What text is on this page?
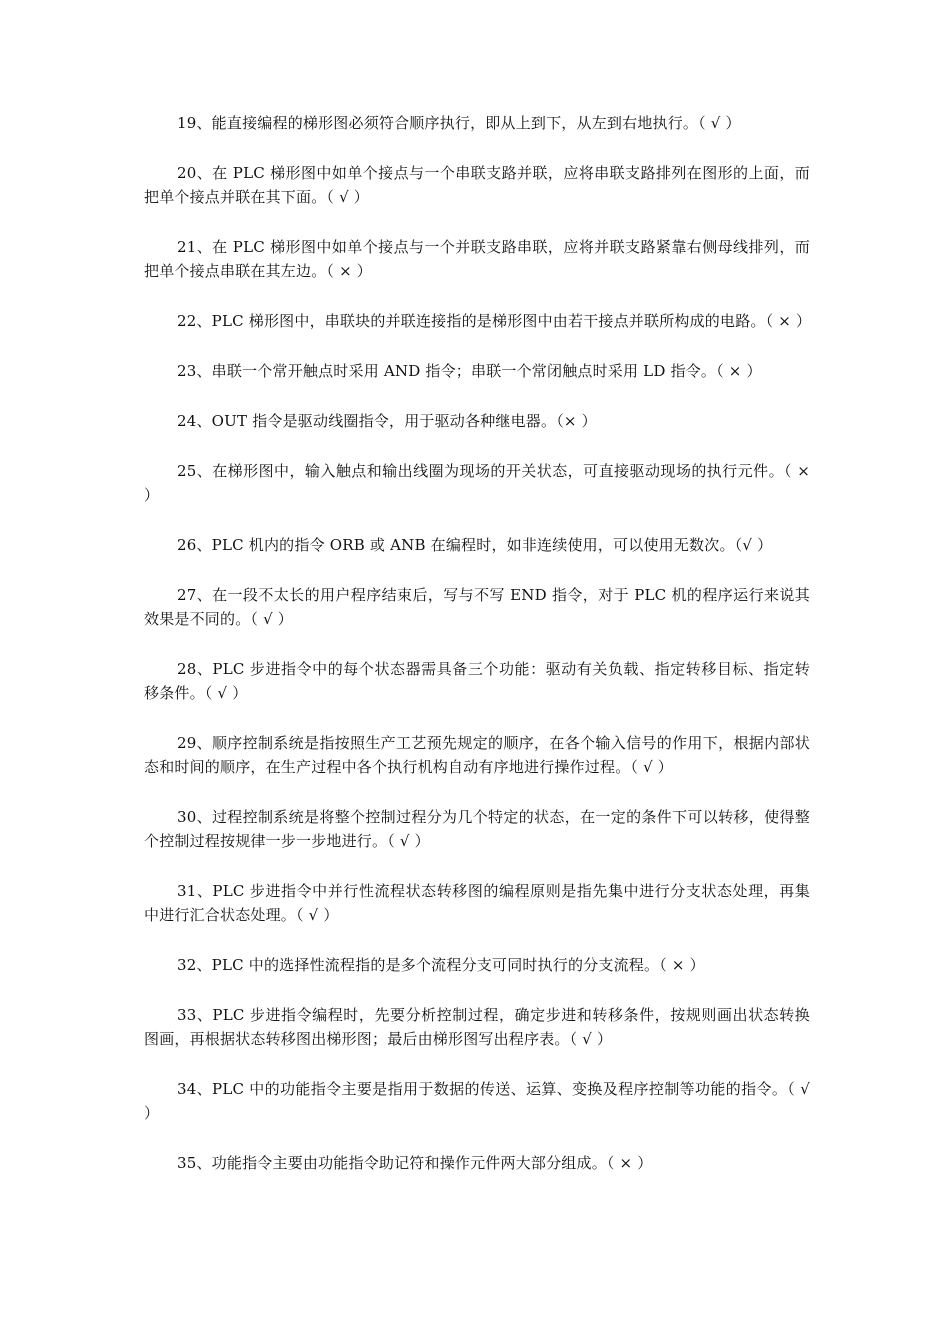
19、能直接编程的梯形图必须符合顺序执行，即从上到下，从左到右地执行。（ √ ）

20、在 PLC 梯形图中如单个接点与一个串联支路并联，应将串联支路排列在图形的上面，而把单个接点并联在其下面。（ √ ）

21、在 PLC 梯形图中如单个接点与一个并联支路串联，应将并联支路紧靠右侧母线排列，而把单个接点串联在其左边。（ × ）

22、PLC 梯形图中，串联块的并联连接指的是梯形图中由若干接点并联所构成的电路。（ × ）

23、串联一个常开触点时采用 AND 指令；串联一个常闭触点时采用 LD 指令。（ × ）

24、OUT 指令是驱动线圈指令，用于驱动各种继电器。（× ）

25、在梯形图中，输入触点和输出线圈为现场的开关状态，可直接驱动现场的执行元件。（ × ）

26、PLC 机内的指令 ORB 或 ANB 在编程时，如非连续使用，可以使用无数次。（√ ）

27、在一段不太长的用户程序结束后，写与不写 END 指令，对于 PLC 机的程序运行来说其效果是不同的。（ √ ）

28、PLC 步进指令中的每个状态器需具备三个功能：驱动有关负载、指定转移目标、指定转移条件。（ √ ）

29、顺序控制系统是指按照生产工艺预先规定的顺序，在各个输入信号的作用下，根据内部状态和时间的顺序，在生产过程中各个执行机构自动有序地进行操作过程。（ √ ）

30、过程控制系统是将整个控制过程分为几个特定的状态，在一定的条件下可以转移，使得整个控制过程按规律一步一步地进行。（ √ ）

31、PLC 步进指令中并行性流程状态转移图的编程原则是指先集中进行分支状态处理，再集中进行汇合状态处理。（ √ ）

32、PLC 中的选择性流程指的是多个流程分支可同时执行的分支流程。（ × ）

33、PLC 步进指令编程时，先要分析控制过程，确定步进和转移条件，按规则画出状态转换图画，再根据状态转移图出梯形图；最后由梯形图写出程序表。（ √ ）

34、PLC 中的功能指令主要是指用于数据的传送、运算、变换及程序控制等功能的指令。（ √ ）

35、功能指令主要由功能指令助记符和操作元件两大部分组成。（ × ）
